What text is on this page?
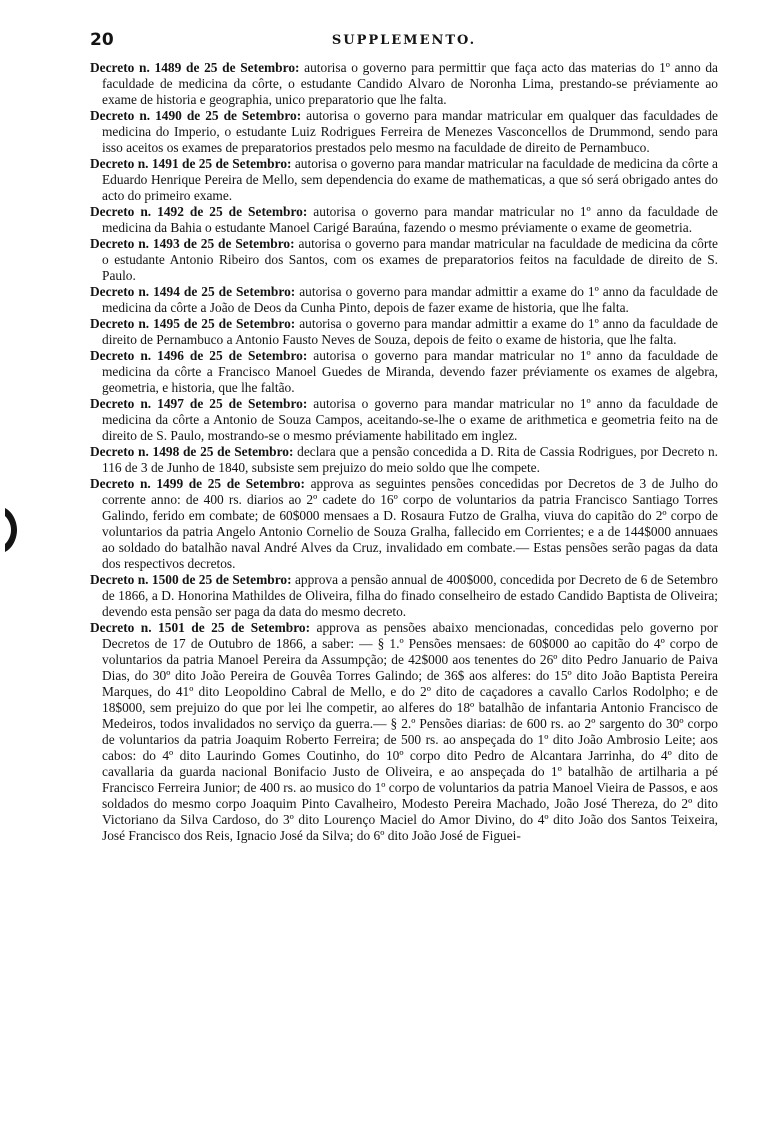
20	SUPPLEMENTO.

Decreto n. 1489 de 25 de Setembro: autorisa o governo para permittir que faça acto das materias do 1º anno da faculdade de medicina da côrte, o estudante Candido Alvaro de Noronha Lima, prestando-se préviamente ao exame de historia e geographia, unico preparatorio que lhe falta.

Decreto n. 1490 de 25 de Setembro: autorisa o governo para mandar matricular em qualquer das faculdades de medicina do Imperio, o estudante Luiz Rodrigues Ferreira de Menezes Vasconcellos de Drummond, sendo para isso aceitos os exames de preparatorios prestados pelo mesmo na faculdade de direito de Pernambuco.

Decreto n. 1491 de 25 de Setembro: autorisa o governo para mandar matricular na faculdade de medicina da côrte a Eduardo Henrique Pereira de Mello, sem dependencia do exame de mathematicas, a que só será obrigado antes do acto do primeiro exame.

Decreto n. 1492 de 25 de Setembro: autorisa o governo para mandar matricular no 1º anno da faculdade de medicina da Bahia o estudante Manoel Carigé Baraúna, fazendo o mesmo préviamente o exame de geometria.

Decreto n. 1493 de 25 de Setembro: autorisa o governo para mandar matricular na faculdade de medicina da côrte o estudante Antonio Ribeiro dos Santos, com os exames de preparatorios feitos na faculdade de direito de S. Paulo.

Decreto n. 1494 de 25 de Setembro: autorisa o governo para mandar admittir a exame do 1º anno da faculdade de medicina da côrte a João de Deos da Cunha Pinto, depois de fazer exame de historia, que lhe falta.

Decreto n. 1495 de 25 de Setembro: autorisa o governo para mandar admittir a exame do 1º anno da faculdade de direito de Pernambuco a Antonio Fausto Neves de Souza, depois de feito o exame de historia, que lhe falta.

Decreto n. 1496 de 25 de Setembro: autorisa o governo para mandar matricular no 1º anno da faculdade de medicina da côrte a Francisco Manoel Guedes de Miranda, devendo fazer préviamente os exames de algebra, geometria, e historia, que lhe faltão.

Decreto n. 1497 de 25 de Setembro: autorisa o governo para mandar matricular no 1º anno da faculdade de medicina da côrte a Antonio de Souza Campos, aceitando-se-lhe o exame de arithmetica e geometria feito na de direito de S. Paulo, mostrando-se o mesmo préviamente habilitado em inglez.

Decreto n. 1498 de 25 de Setembro: declara que a pensão concedida a D. Rita de Cassia Rodrigues, por Decreto n. 116 de 3 de Junho de 1840, subsiste sem prejuizo do meio soldo que lhe compete.

Decreto n. 1499 de 25 de Setembro: approva as seguintes pensões concedidas por Decretos de 3 de Julho do corrente anno: de 400 rs. diarios ao 2º cadete do 16º corpo de voluntarios da patria Francisco Santiago Torres Galindo, ferido em combate; de 60$000 mensaes a D. Rosaura Futzo de Gralha, viuva do capitão do 2º corpo de voluntarios da patria Angelo Antonio Cornelio de Souza Gralha, fallecido em Corrientes; e a de 144$000 annuaes ao soldado do batalhão naval André Alves da Cruz, invalidado em combate.— Estas pensões serão pagas da data dos respectivos decretos.

Decreto n. 1500 de 25 de Setembro: approva a pensão annual de 400$000, concedida por Decreto de 6 de Setembro de 1866, a D. Honorina Mathildes de Oliveira, filha do finado conselheiro de estado Candido Baptista de Oliveira; devendo esta pensão ser paga da data do mesmo decreto.

Decreto n. 1501 de 25 de Setembro: approva as pensões abaixo mencionadas, concedidas pelo governo por Decretos de 17 de Outubro de 1866, a saber: — § 1.º Pensões mensaes: de 60$000 ao capitão do 4º corpo de voluntarios da patria Manoel Pereira da Assumpção; de 42$000 aos tenentes do 26º dito Pedro Januario de Paiva Dias, do 30º dito João Pereira de Gouvêa Torres Galindo; de 36$ aos alferes: do 15º dito João Baptista Pereira Marques, do 41º dito Leopoldino Cabral de Mello, e do 2º dito de caçadores a cavallo Carlos Rodolpho; e de 18$000, sem prejuizo do que por lei lhe competir, ao alferes do 18º batalhão de infantaria Antonio Francisco de Medeiros, todos invalidados no serviço da guerra.— § 2.º Pensões diarias: de 600 rs. ao 2º sargento do 30º corpo de voluntarios da patria Joaquim Roberto Ferreira; de 500 rs. ao anspeçada do 1º dito João Ambrosio Leite; aos cabos: do 4º dito Laurindo Gomes Coutinho, do 10º corpo dito Pedro de Alcantara Jarrinha, do 4º dito de cavallaria da guarda nacional Bonifacio Justo de Oliveira, e ao anspeçada do 1º batalhão de artilharia a pé Francisco Ferreira Junior; de 400 rs. ao musico do 1º corpo de voluntarios da patria Manoel Vieira de Passos, e aos soldados do mesmo corpo Joaquim Pinto Cavalheiro, Modesto Pereira Machado, João José Thereza, do 2º dito Victoriano da Silva Cardoso, do 3º dito Lourenço Maciel do Amor Divino, do 4º dito João dos Santos Teixeira, José Francisco dos Reis, Ignacio José da Silva; do 6º dito João José de Figuei-
